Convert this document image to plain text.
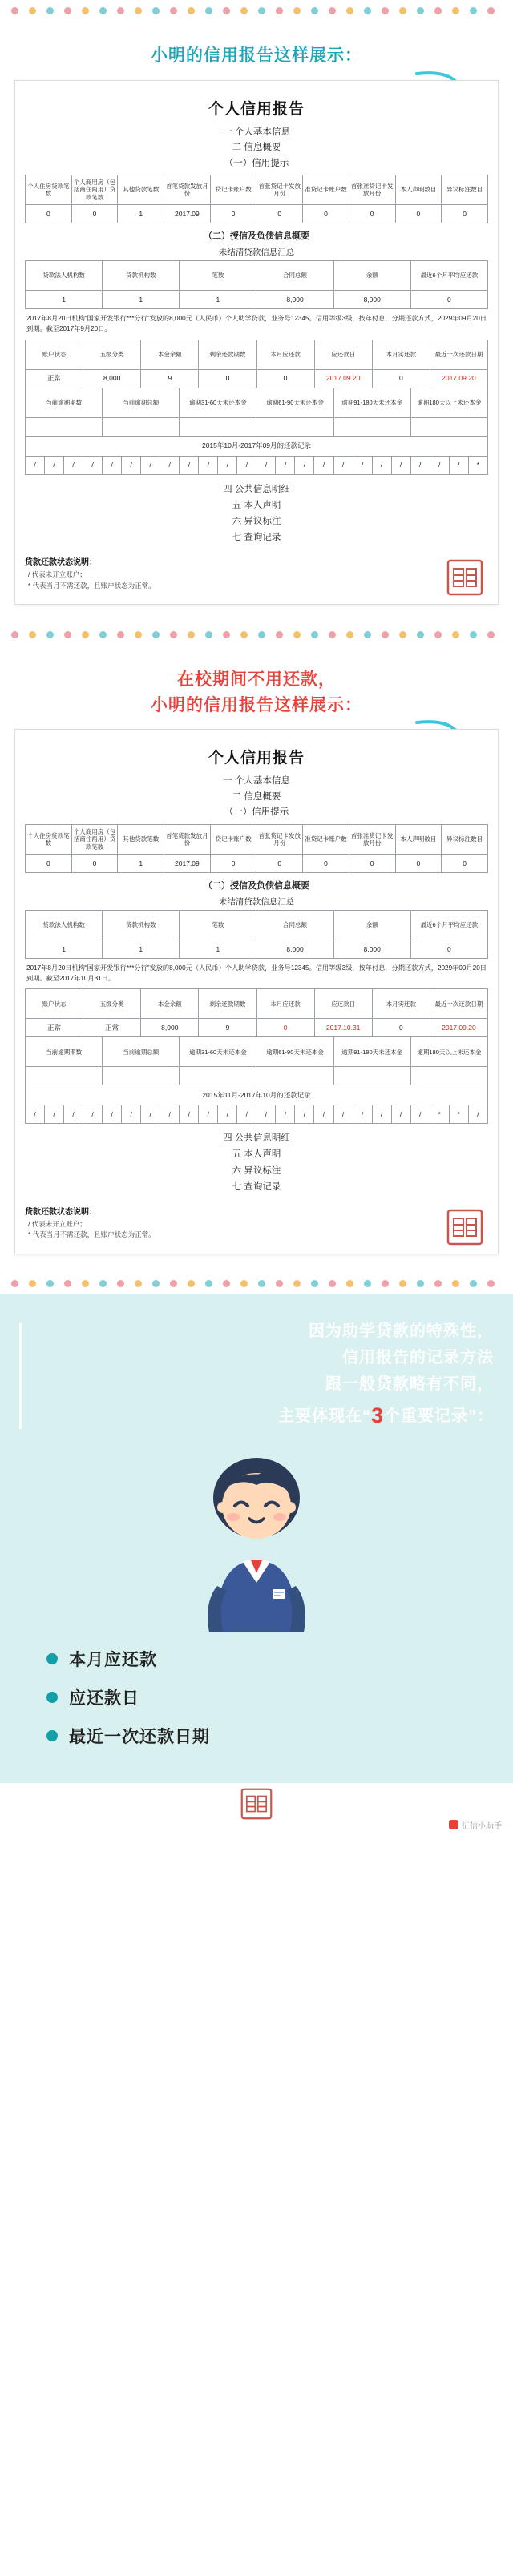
小明的信用报告这样展示：
个人信用报告
一 个人基本信息
二 信息概要
（一）信用提示
个人住房贷款笔数	个人商用房（包括商住两用）贷款笔数	其他贷款笔数	首笔贷款发放月份	贷记卡账户数	首张贷记卡发放月份	准贷记卡账户数	首张准贷记卡发放月份	本人声明数目	异议标注数目
0	0	1	2017.09	0	0	0	0	0	0
（二）授信及负债信息概要
未结清贷款信息汇总
贷款法人机构数	贷款机构数	笔数	合同总额	余额	最近6个月平均应还款
1	1	1	8,000	8,000	0
2017年8月20日机构“国家开发银行***分行”发放的8,000元（人民币）个人助学贷款，业务号12345。信用等级3级，按年付息，分期还款方式，2029年09月20日到期。截至2017年9月20日。
账户状态	五级分类	本金余额	剩余还款期数	本月应还款	应还款日	本月实还款	最近一次还款日期
正常	8,000	9	0	0	2017.09.20	0	2017.09.20
当前逾期期数	当前逾期总额	逾期31-60天未还本金	逾期61-90天未还本金	逾期91-180天未还本金	逾期180天以上未还本金

2015年10月-2017年09月的还款记录
/	/	/	/	/	/	/	/	/	/	/	/	/	/	/	/	/	/	/	/	/	/	/	*
四 公共信息明细
五 本人声明
六 异议标注
七 查询记录
贷款还款状态说明：
/ 代表未开立账户；
* 代表当月不需还款，且账户状态为正常。
在校期间不用还款，
小明的信用报告这样展示：
个人信用报告
一 个人基本信息
二 信息概要
（一）信用提示
个人住房贷款笔数	个人商用房（包括商住两用）贷款笔数	其他贷款笔数	首笔贷款发放月份	贷记卡账户数	首张贷记卡发放月份	准贷记卡账户数	首张准贷记卡发放月份	本人声明数目	异议标注数目
0	0	1	2017.09	0	0	0	0	0	0
（二）授信及负债信息概要
未结清贷款信息汇总
贷款法人机构数	贷款机构数	笔数	合同总额	余额	最近6个月平均应还款
1	1	1	8,000	8,000	0
2017年8月20日机构“国家开发银行***分行”发放的8,000元（人民币）个人助学贷款，业务号12345。信用等级3级，按年付息，分期还款方式，2029年00月20日到期。截至2017年10月31日。
账户状态	五级分类	本金余额	剩余还款期数	本月应还款	应还款日	本月实还款	最近一次还款日期
正常	正常	8,000	9	0	2017.10.31	0	2017.09.20
当前逾期期数	当前逾期总额	逾期31-60天未还本金	逾期61-90天未还本金	逾期91-180天未还本金	逾期180天以上未还本金

2015年11月-2017年10月的还款记录
/	/	/	/	/	/	/	/	/	/	/	/	/	/	/	/	/	/	/	/	/	*	*	/
四 公共信息明细
五 本人声明
六 异议标注
七 查询记录
贷款还款状态说明：
/ 代表未开立账户；
* 代表当月不需还款，且账户状态为正常。
因为助学贷款的特殊性，
信用报告的记录方法
跟一般贷款略有不同，
主要体现在“3个重要记录”：
本月应还款
应还款日
最近一次还款日期
征信小助手
